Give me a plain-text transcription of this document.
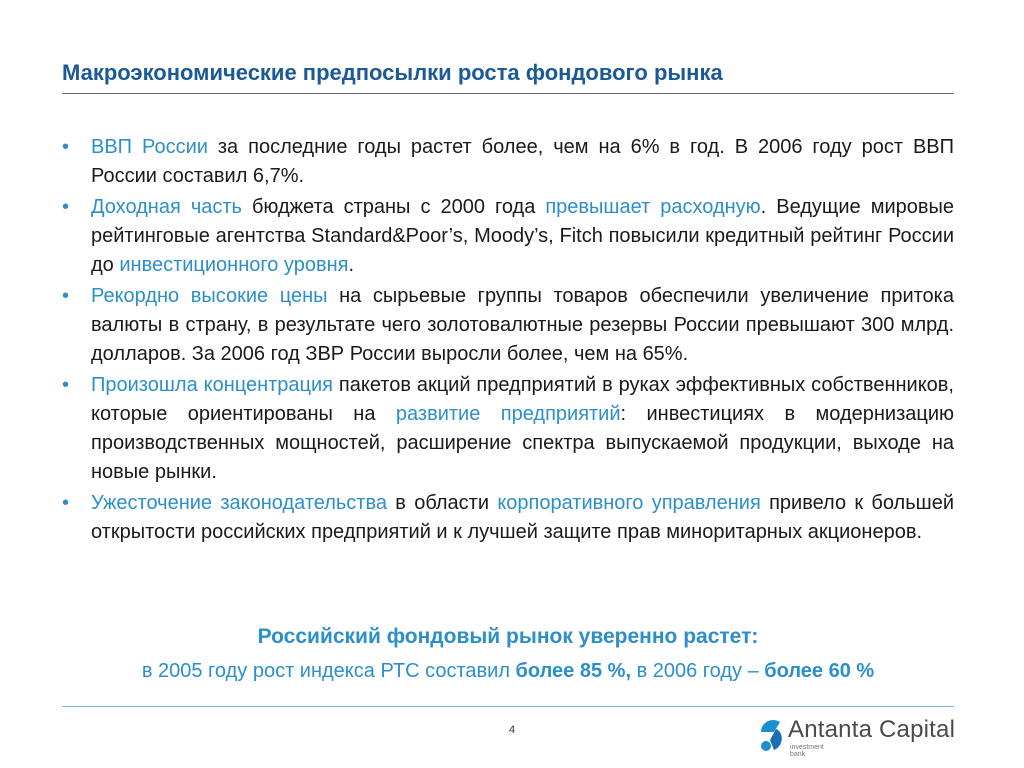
Макроэкономические предпосылки роста фондового рынка
• ВВП России за последние годы растет более, чем на 6% в год. В 2006 году рост ВВП России составил 6,7%.
• Доходная часть бюджета страны с 2000 года превышает расходную. Ведущие мировые рейтинговые агентства Standard&Poor’s, Moody’s, Fitch повысили кредитный рейтинг России до инвестиционного уровня.
• Рекордно высокие цены на сырьевые группы товаров обеспечили увеличение притока валюты в страну, в результате чего золотовалютные резервы России превышают 300 млрд. долларов. За 2006 год ЗВР России выросли более, чем на 65%.
• Произошла концентрация пакетов акций предприятий в руках эффективных собственников, которые ориентированы на развитие предприятий: инвестициях в модернизацию производственных мощностей, расширение спектра выпускаемой продукции, выходе на новые рынки.
• Ужесточение законодательства в области корпоративного управления привело к большей открытости российских предприятий и к лучшей защите прав миноритарных акционеров.
Российский фондовый рынок уверенно растет:
в 2005 году рост индекса РТС составил более 85 %, в 2006 году – более 60 %
4	Antanta Capital
investment
bank
